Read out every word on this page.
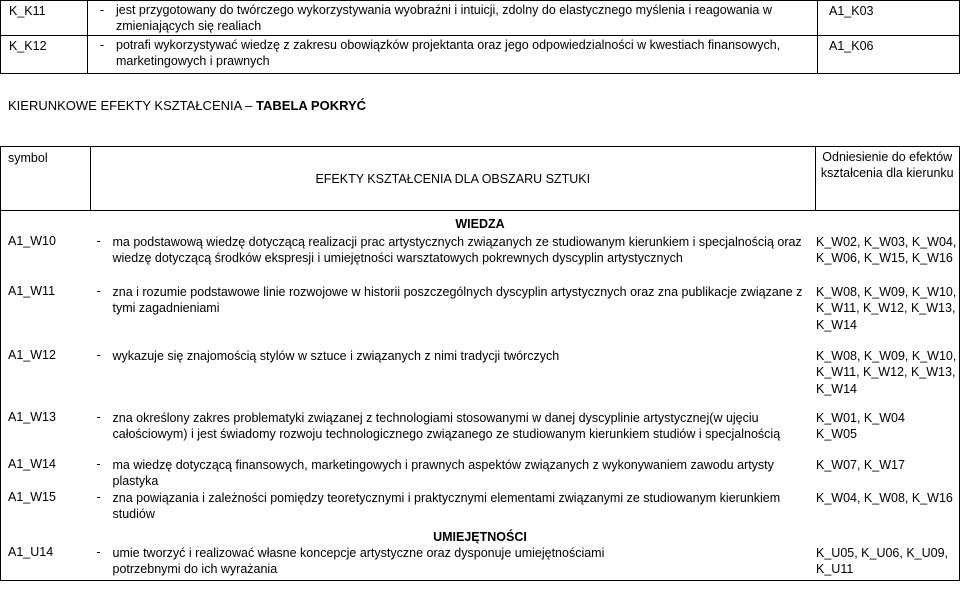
K_K11	- jest przygotowany do twórczego wykorzystywania wyobraźni i intuicji, zdolny do elastycznego myślenia i reagowania w zmieniających się realiach	A1_K03
K_K12	- potrafi wykorzystywać wiedzę z zakresu obowiązków projektanta oraz jego odpowiedzialności w kwestiach finansowych, marketingowych i prawnych	A1_K06
KIERUNKOWE EFEKTY KSZTAŁCENIA – TABELA POKRYĆ
symbol	EFEKTY KSZTAŁCENIA DLA OBSZARU SZTUKI	Odniesienie do efektów kształcenia dla kierunku
WIEDZA		
A1_W10	- ma podstawową wiedzę dotyczącą realizacji prac artystycznych związanych ze studiowanym kierunkiem i specjalnością oraz wiedzę dotyczącą środków ekspresji i umiejętności warsztatowych pokrewnych dyscyplin artystycznych	K_W02, K_W03, K_W04, K_W06, K_W15, K_W16
A1_W11	- zna i rozumie podstawowe linie rozwojowe w historii poszczególnych dyscyplin artystycznych oraz zna publikacje związane z tymi zagadnieniami	K_W08, K_W09, K_W10, K_W11, K_W12, K_W13, K_W14
A1_W12	- wykazuje się znajomością stylów w sztuce i związanych z nimi tradycji twórczych	K_W08, K_W09, K_W10, K_W11, K_W12, K_W13, K_W14
A1_W13	- zna określony zakres problematyki związanej z technologiami stosowanymi w danej dyscyplinie artystycznej(w ujęciu całościowym) i jest świadomy rozwoju technologicznego związanego ze studiowanym kierunkiem studiów i specjalnością	K_W01, K_W04 K_W05

A1_W14	- ma wiedzę dotyczącą finansowych, marketingowych i prawnych aspektów związanych z wykonywaniem zawodu artysty plastyka	K_W07, K_W17
A1_W15	- zna powiązania i zależności pomiędzy teoretycznymi i praktycznymi elementami związanymi ze studiowanym kierunkiem studiów	K_W04, K_W08, K_W16
UMIEJĘTNOŚCI		
A1_U14	- umie tworzyć i realizować własne koncepcje artystyczne oraz dysponuje umiejętnościami potrzebnymi do ich wyrażania	K_U05, K_U06, K_U09, K_U11
